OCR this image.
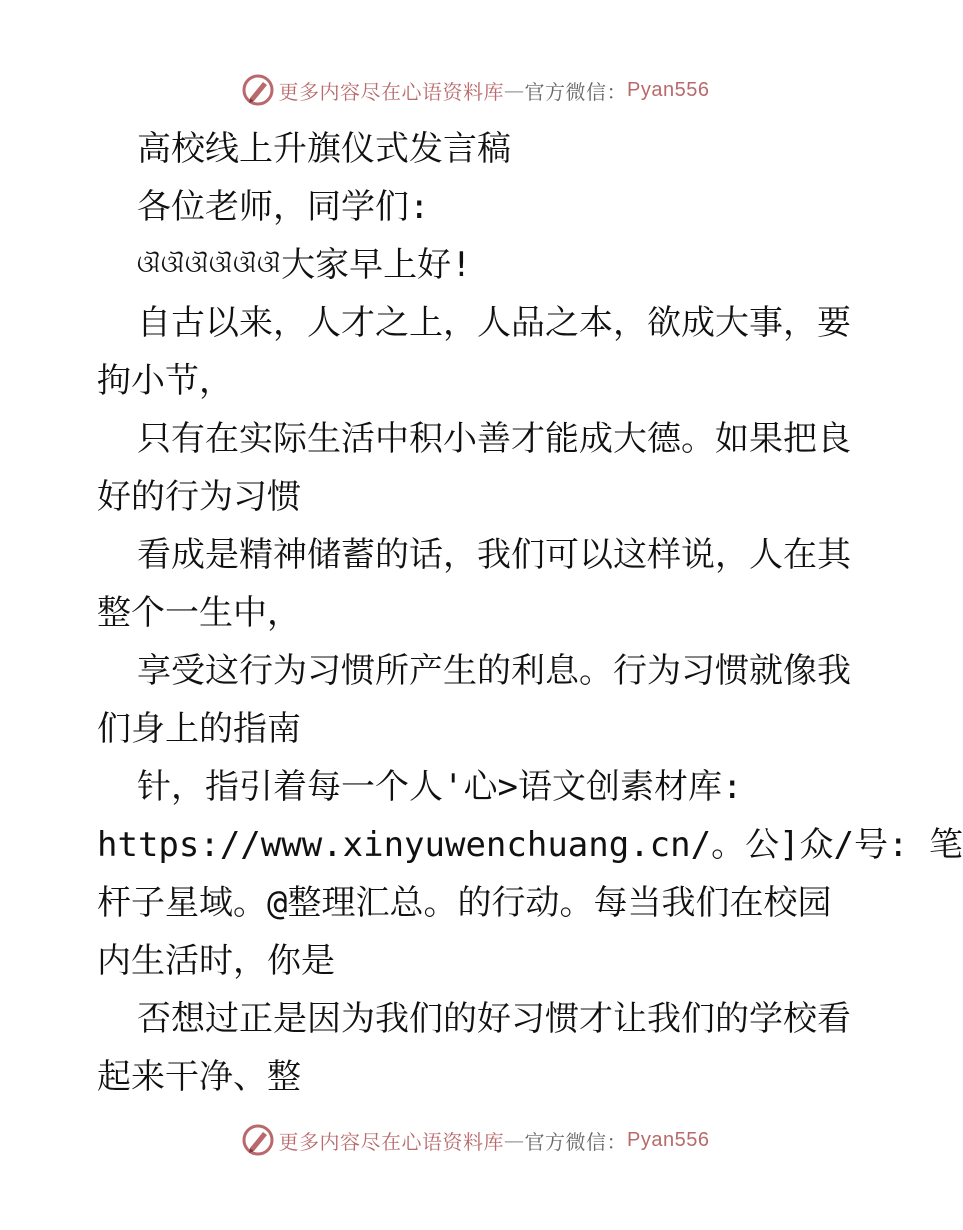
更多内容尽在心语资料库 — 官方微信： Pyan556
高校线上升旗仪式发言稿
各位老师，同学们:
ଔଔଔଔଔଔ大家早上好!
自古以来，人才之上，人品之本，欲成大事，要
拘小节，
只有在实际生活中积小善才能成大德。如果把良
好的行为习惯
看成是精神储蓄的话，我们可以这样说，人在其
整个一生中，
享受这行为习惯所产生的利息。行为习惯就像我
们身上的指南
针，指引着每一个人'心>语文创素材库:
https://www.xinyuwenchuang.cn/。公]众/号: 笔
杆子星域。@整理汇总。的行动。每当我们在校园
内生活时，你是
否想过正是因为我们的好习惯才让我们的学校看
起来干净、整
更多内容尽在心语资料库 — 官方微信： Pyan556
